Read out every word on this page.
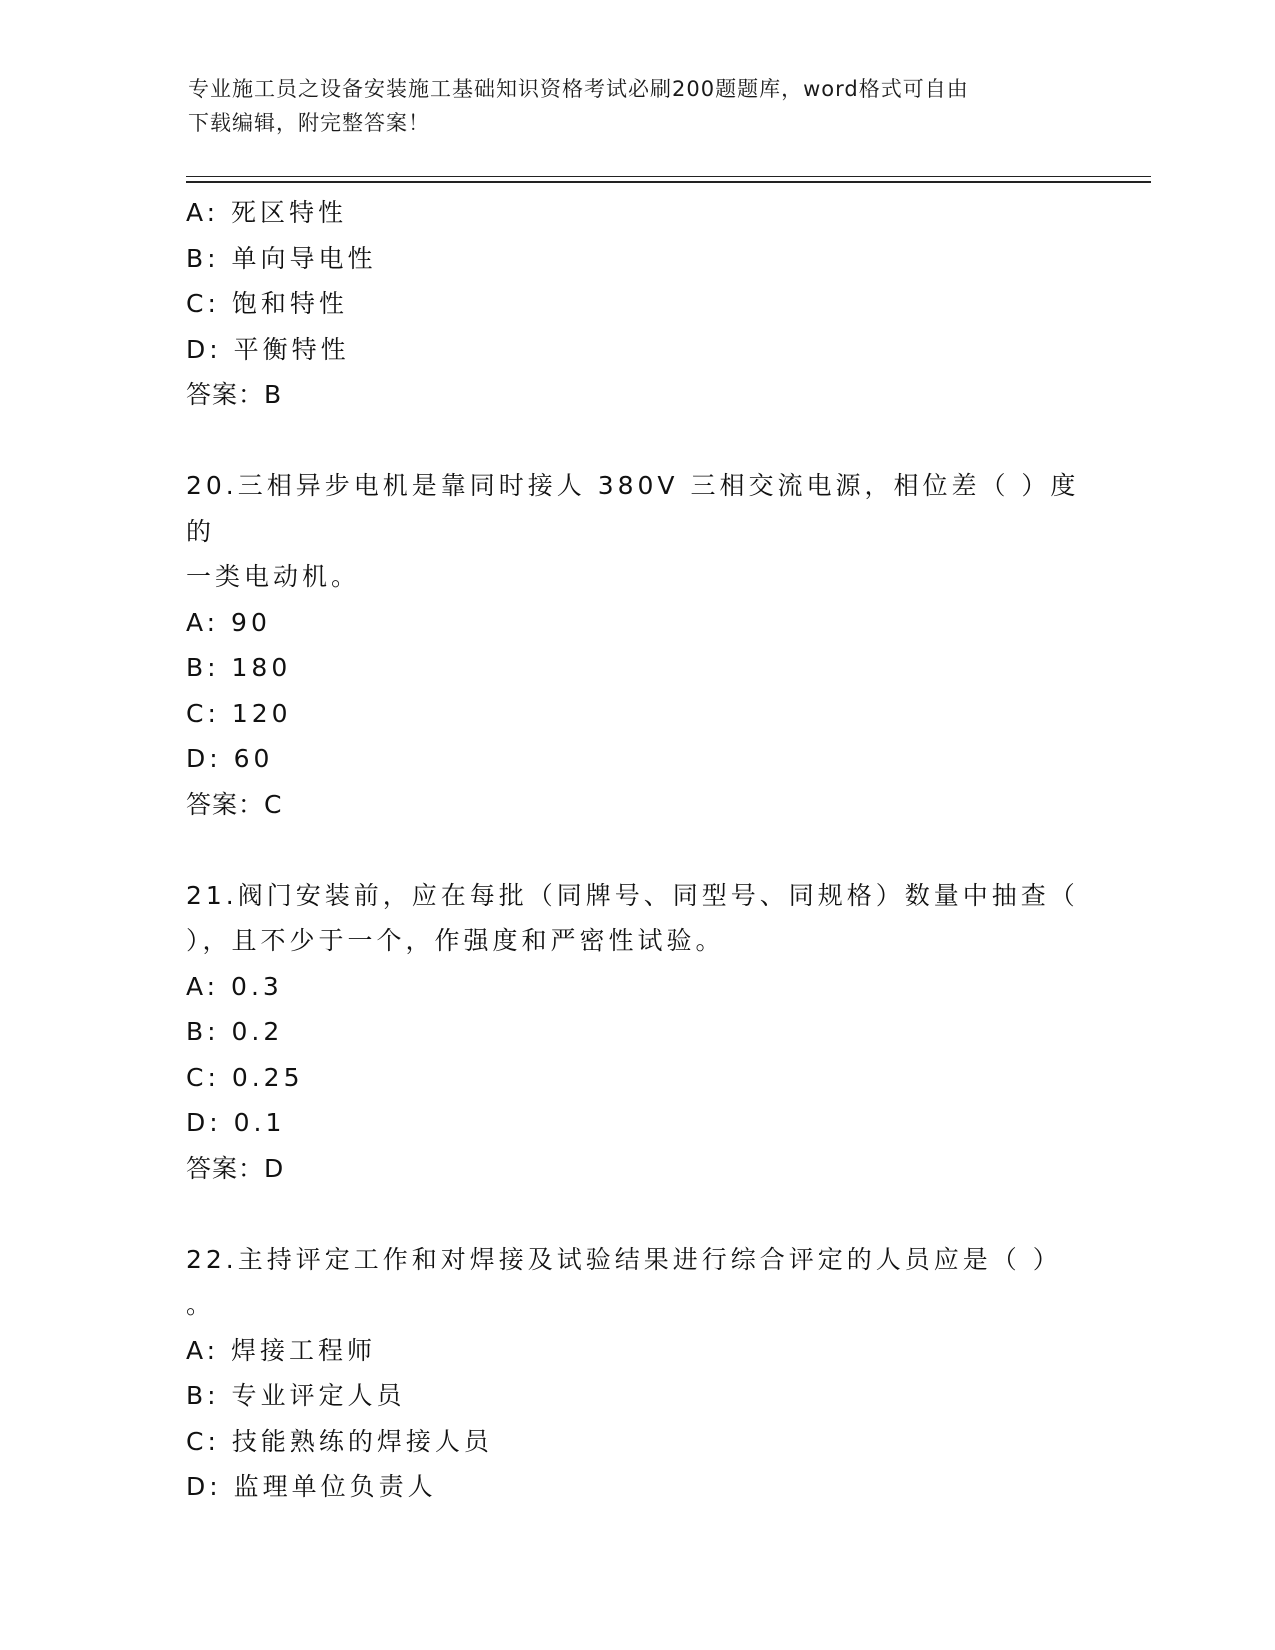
专业施工员之设备安装施工基础知识资格考试必刷200题题库，word格式可自由
下载编辑，附完整答案！
A: 死区特性
B: 单向导电性
C: 饱和特性
D: 平衡特性
答案：B
20.三相异步电机是靠同时接人 380V 三相交流电源，相位差（ ）度的
一类电动机。
A: 90
B: 180
C: 120
D: 60
答案：C
21.阀门安装前，应在每批（同牌号、同型号、同规格）数量中抽查（
），且不少于一个，作强度和严密性试验。
A: 0.3
B: 0.2
C: 0.25
D: 0.1
答案：D
22.主持评定工作和对焊接及试验结果进行综合评定的人员应是（ ）
。
A: 焊接工程师
B: 专业评定人员
C: 技能熟练的焊接人员
D: 监理单位负责人
